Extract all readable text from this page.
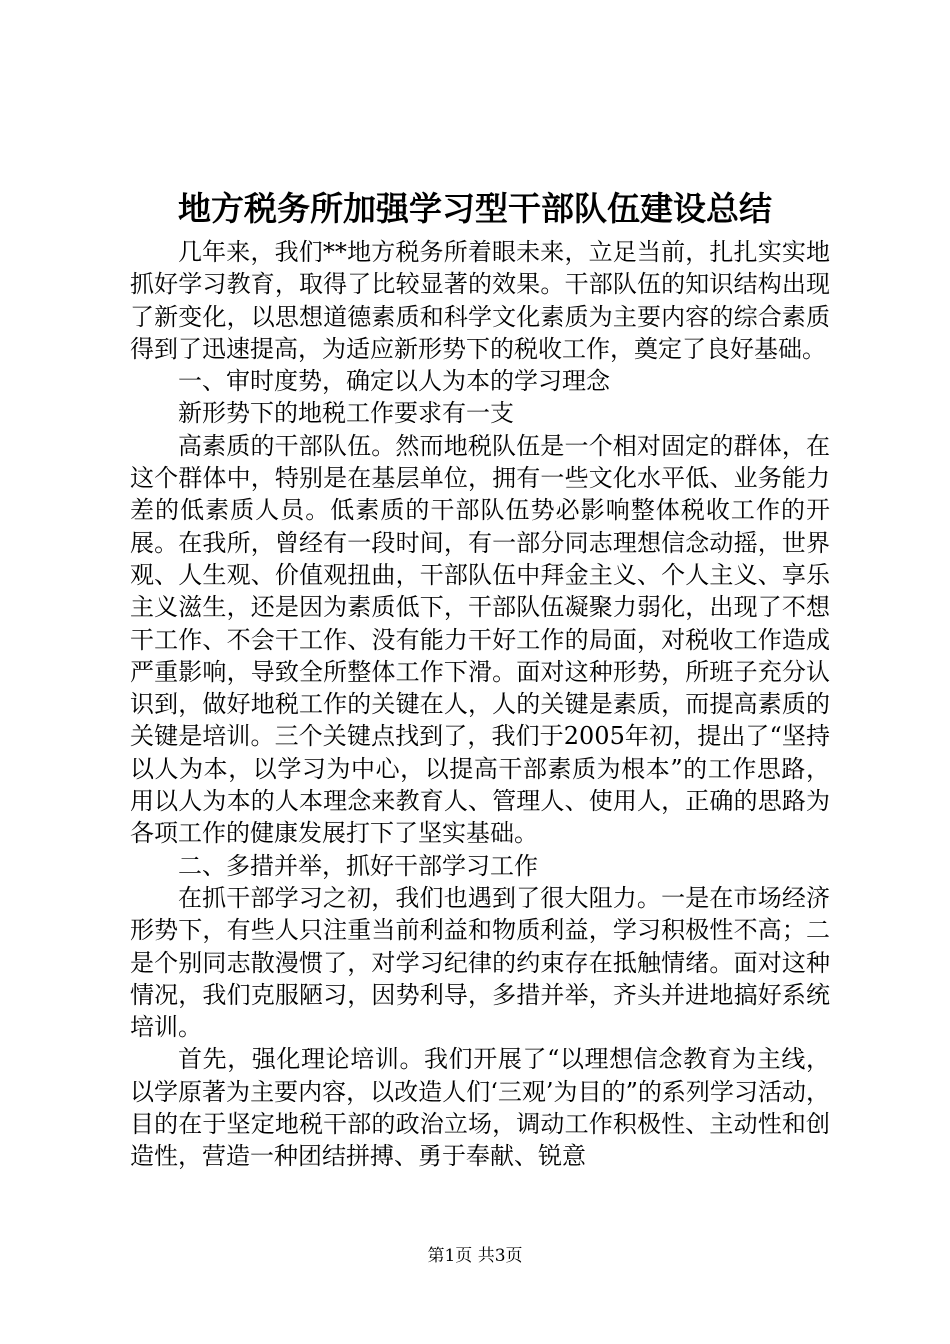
地方税务所加强学习型干部队伍建设总结

几年来，我们**地方税务所着眼未来，立足当前，扎扎实实地抓好学习教育，取得了比较显著的效果。干部队伍的知识结构出现了新变化，以思想道德素质和科学文化素质为主要内容的综合素质得到了迅速提高，为适应新形势下的税收工作，奠定了良好基础。

一、审时度势，确定以人为本的学习理念

新形势下的地税工作要求有一支

高素质的干部队伍。然而地税队伍是一个相对固定的群体，在这个群体中，特别是在基层单位，拥有一些文化水平低、业务能力差的低素质人员。低素质的干部队伍势必影响整体税收工作的开展。在我所，曾经有一段时间，有一部分同志理想信念动摇，世界观、人生观、价值观扭曲，干部队伍中拜金主义、个人主义、享乐主义滋生，还是因为素质低下，干部队伍凝聚力弱化，出现了不想干工作、不会干工作、没有能力干好工作的局面，对税收工作造成严重影响，导致全所整体工作下滑。面对这种形势，所班子充分认识到，做好地税工作的关键在人，人的关键是素质，而提高素质的关键是培训。三个关键点找到了，我们于2005年初，提出了“坚持以人为本，以学习为中心，以提高干部素质为根本”的工作思路，用以人为本的人本理念来教育人、管理人、使用人，正确的思路为各项工作的健康发展打下了坚实基础。

二、多措并举，抓好干部学习工作

在抓干部学习之初，我们也遇到了很大阻力。一是在市场经济形势下，有些人只注重当前利益和物质利益，学习积极性不高；二是个别同志散漫惯了，对学习纪律的约束存在抵触情绪。面对这种情况，我们克服陋习，因势利导，多措并举，齐头并进地搞好系统培训。

首先，强化理论培训。我们开展了“以理想信念教育为主线，以学原著为主要内容，以改造人们‘三观’为目的”的系列学习活动，目的在于坚定地税干部的政治立场，调动工作积极性、主动性和创造性，营造一种团结拼搏、勇于奉献、锐意

第1页 共3页
